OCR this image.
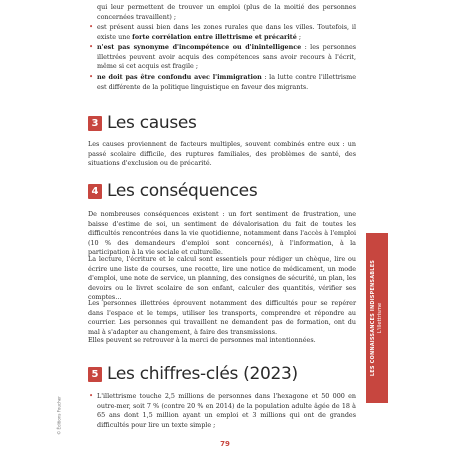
qui leur permettent de trouver un emploi (plus de la moitié des personnes concernées travaillent) ;
• est présent aussi bien dans les zones rurales que dans les villes. Toutefois, il existe une forte corrélation entre illettrisme et précarité ;
• n'est pas synonyme d'incompétence ou d'inintelligence : les personnes illettrées peuvent avoir acquis des compétences sans avoir recours à l'écrit, même si cet acquis est fragile ;
• ne doit pas être confondu avec l'immigration : la lutte contre l'illettrisme est différente de la politique linguistique en faveur des migrants.
3 Les causes

Les causes proviennent de facteurs multiples, souvent combinés entre eux : un passé scolaire difficile, des ruptures familiales, des problèmes de santé, des situations d'exclusion ou de précarité.

4 Les conséquences

De nombreuses conséquences existent : un fort sentiment de frustration, une baisse d'estime de soi, un sentiment de dévalorisation du fait de toutes les difficultés rencontrées dans la vie quotidienne, notamment dans l'accès à l'emploi (10 % des demandeurs d'emploi sont concernés), à l'information, à la participation à la vie sociale et culturelle.

La lecture, l'écriture et le calcul sont essentiels pour rédiger un chèque, lire ou écrire une liste de courses, une recette, lire une notice de médicament, un mode d'emploi, une note de service, un planning, des consignes de sécurité, un plan, les devoirs ou le livret scolaire de son enfant, calculer des quantités, vérifier ses comptes…

Les personnes illettrées éprouvent notamment des difficultés pour se repérer dans l'espace et le temps, utiliser les transports, comprendre et répondre au courrier. Les personnes qui travaillent ne demandent pas de formation, ont du mal à s'adapter au changement, à faire des transmissions.

Elles peuvent se retrouver à la merci de personnes mal intentionnées.

5 Les chiffres-clés (2023)
• L'illettrisme touche 2,5 millions de personnes dans l'hexagone et 50 000 en outre-mer, soit 7 % (contre 20 % en 2014) de la population adulte âgée de 18 à 65 ans dont 1,5 million ayant un emploi et 3 millions qui ont de grandes difficultés pour lire un texte simple ;
LES CONNAISSANCES INDISPENSABLES L'illettrisme
© Éditions Foucher
79
